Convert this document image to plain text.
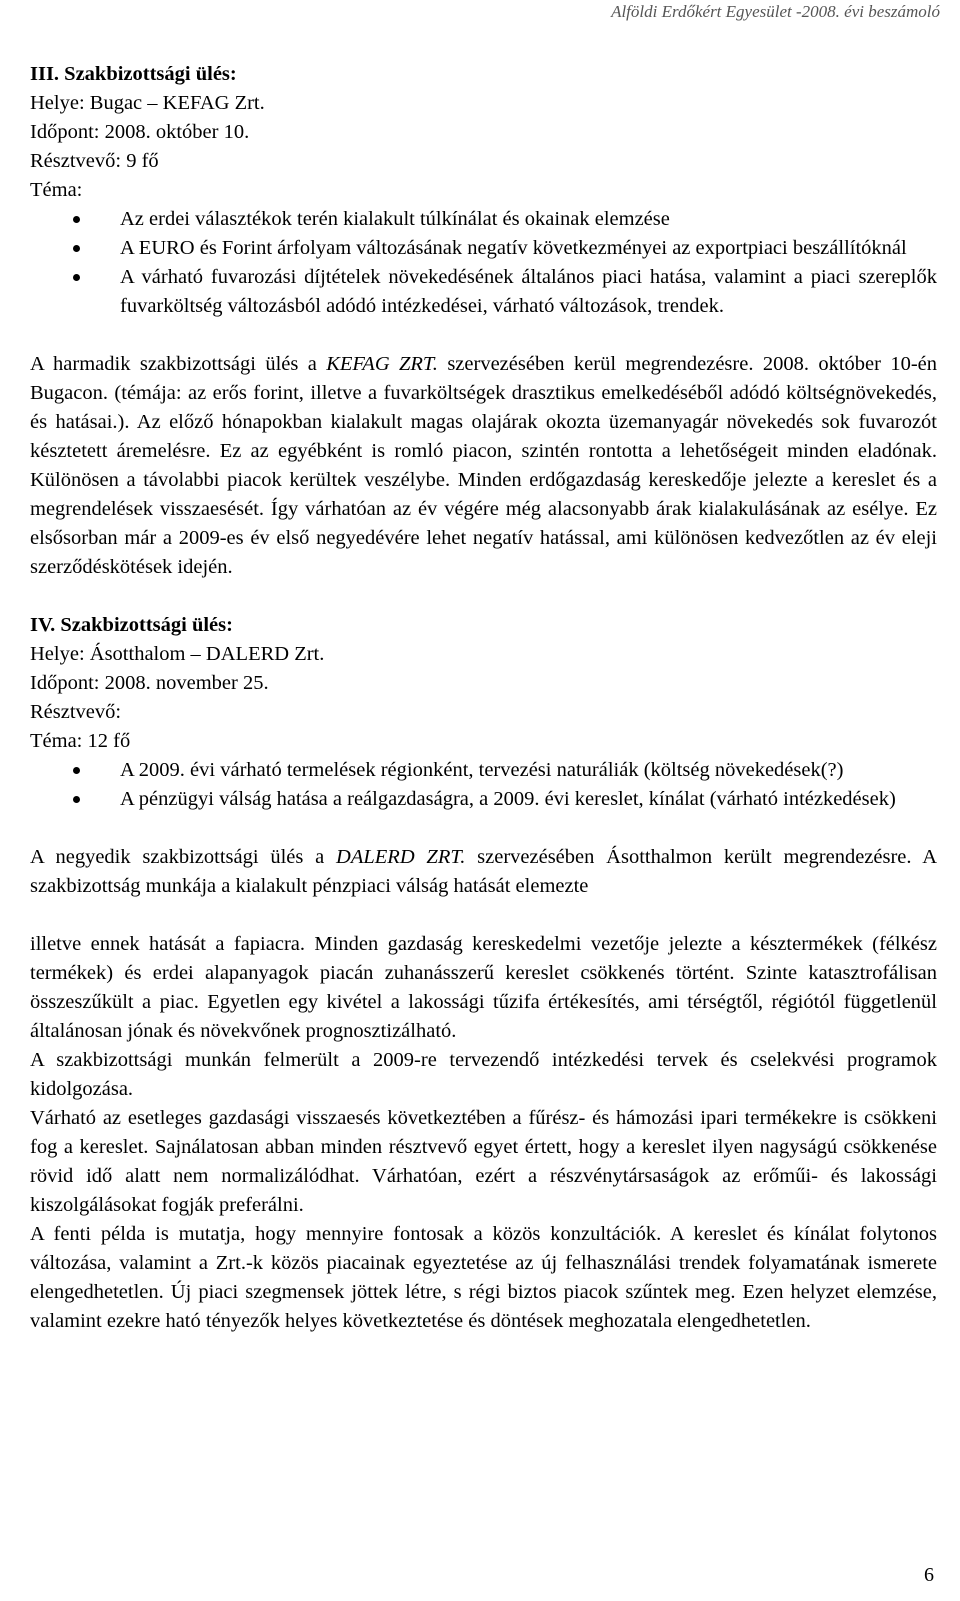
Alföldi Erdőkért Egyesület -2008. évi beszámoló
III. Szakbizottsági ülés:
Helye: Bugac – KEFAG Zrt.
Időpont: 2008. október 10.
Résztvevő: 9 fő
Téma:
Az erdei választékok terén kialakult túlkínálat és okainak elemzése
A EURO és Forint árfolyam változásának negatív következményei az exportpiaci beszállítóknál
A várható fuvarozási díjtételek növekedésének általános piaci hatása, valamint a piaci szereplők fuvarköltség változásból adódó intézkedései, várható változások, trendek.

A harmadik szakbizottsági ülés a KEFAG ZRT. szervezésében kerül megrendezésre. 2008. október 10-én Bugacon. (témája: az erős forint, illetve a fuvarköltségek drasztikus emelkedéséből adódó költségnövekedés, és hatásai.). Az előző hónapokban kialakult magas olajárak okozta üzemanyagár növekedés sok fuvarozót késztetett áremelésre. Ez az egyébként is romló piacon, szintén rontotta a lehetőségeit minden eladónak. Különösen a távolabbi piacok kerültek veszélybe. Minden erdőgazdaság kereskedője jelezte a kereslet és a megrendelések visszaesését. Így várhatóan az év végére még alacsonyabb árak kialakulásának az esélye. Ez elsősorban már a 2009-es év első negyedévére lehet negatív hatással, ami különösen kedvezőtlen az év eleji szerződéskötések idején.

IV. Szakbizottsági ülés:
Helye: Ásotthalom – DALERD Zrt.
Időpont: 2008. november 25.
Résztvevő:
Téma: 12 fő
A 2009. évi várható termelések régionként, tervezési naturáliák (költség növekedések(?)
A pénzügyi válság hatása a reálgazdaságra, a 2009. évi kereslet, kínálat (várható intézkedések)

A negyedik szakbizottsági ülés a DALERD ZRT. szervezésében Ásotthalmon került megrendezésre. A szakbizottság munkája a kialakult pénzpiaci válság hatását elemezte

illetve ennek hatását a fapiacra. Minden gazdaság kereskedelmi vezetője jelezte a késztermékek (félkész termékek) és erdei alapanyagok piacán zuhanásszerű kereslet csökkenés történt. Szinte katasztrofálisan összeszűkült a piac. Egyetlen egy kivétel a lakossági tűzifa értékesítés, ami térségtől, régiótól függetlenül általánosan jónak és növekvőnek prognosztizálható.

A szakbizottsági munkán felmerült a 2009-re tervezendő intézkedési tervek és cselekvési programok kidolgozása.

Várható az esetleges gazdasági visszaesés következtében a fűrész- és hámozási ipari termékekre is csökkeni fog a kereslet. Sajnálatosan abban minden résztvevő egyet értett, hogy a kereslet ilyen nagyságú csökkenése rövid idő alatt nem normalizálódhat. Várhatóan, ezért a részvénytársaságok az erőműi- és lakossági kiszolgálásokat fogják preferálni.

A fenti példa is mutatja, hogy mennyire fontosak a közös konzultációk. A kereslet és kínálat folytonos változása, valamint a Zrt.-k közös piacainak egyeztetése az új felhasználási trendek folyamatának ismerete elengedhetetlen. Új piaci szegmensek jöttek létre, s régi biztos piacok szűntek meg. Ezen helyzet elemzése, valamint ezekre ható tényezők helyes következtetése és döntések meghozatala elengedhetetlen.

6
